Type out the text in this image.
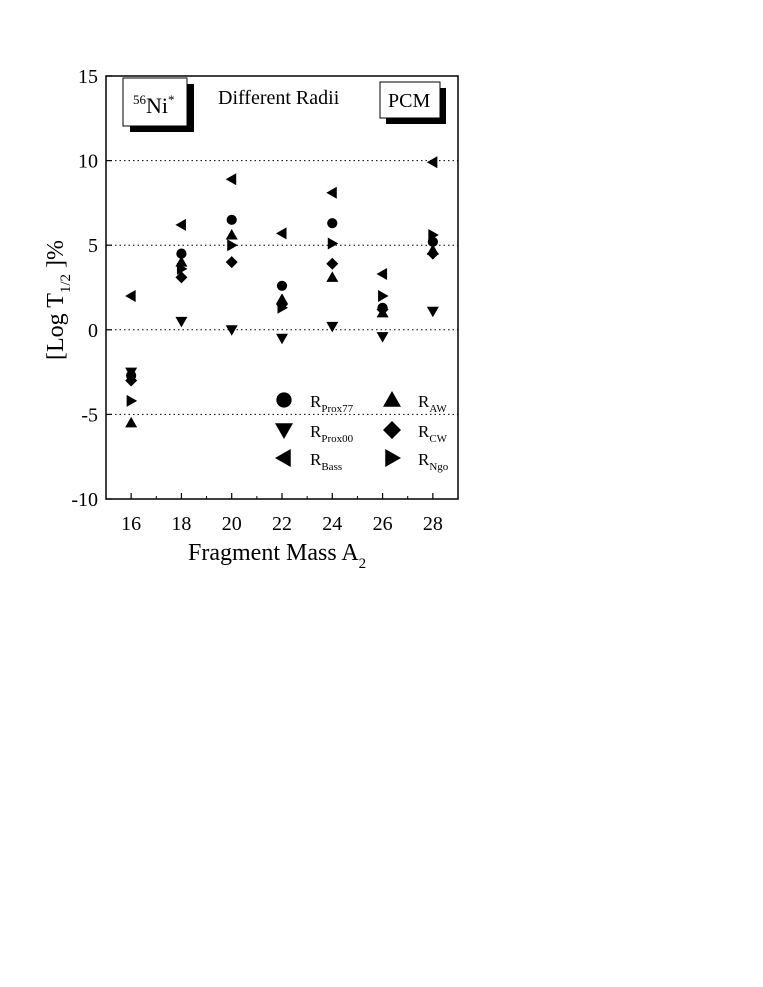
16 18 20 22 24 26 28
-10
-5
0
5
10
15
$^{56}$Ni* Different Radii PCM
Fragment Mass $A_2$
[Log $T_{1/2}$ ]%
$R_{Prox77}$	$R_{AW}$
$R_{Prox00}$	$R_{CW}$
$R_{Bass}$	$R_{Ngo}$
